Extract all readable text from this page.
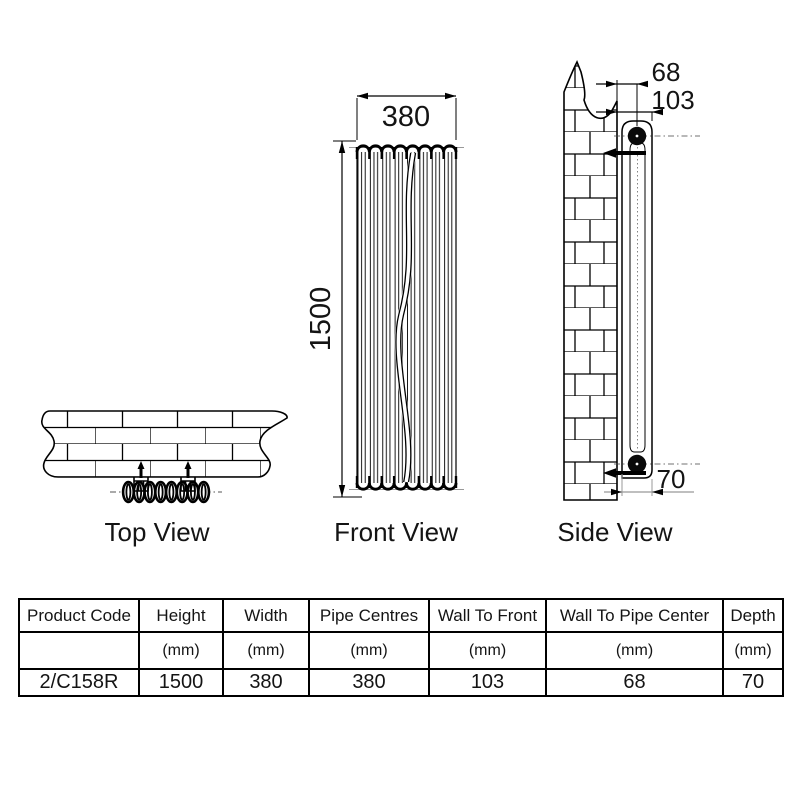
Top View
380
1500
Front View
68
103
70
Side View
Product Code	Height	Width	Pipe Centres	Wall To Front	Wall To Pipe Center	Depth
	(mm)	(mm)	(mm)	(mm)	(mm)	(mm)
2/C158R	1500	380	380	103	68	70
